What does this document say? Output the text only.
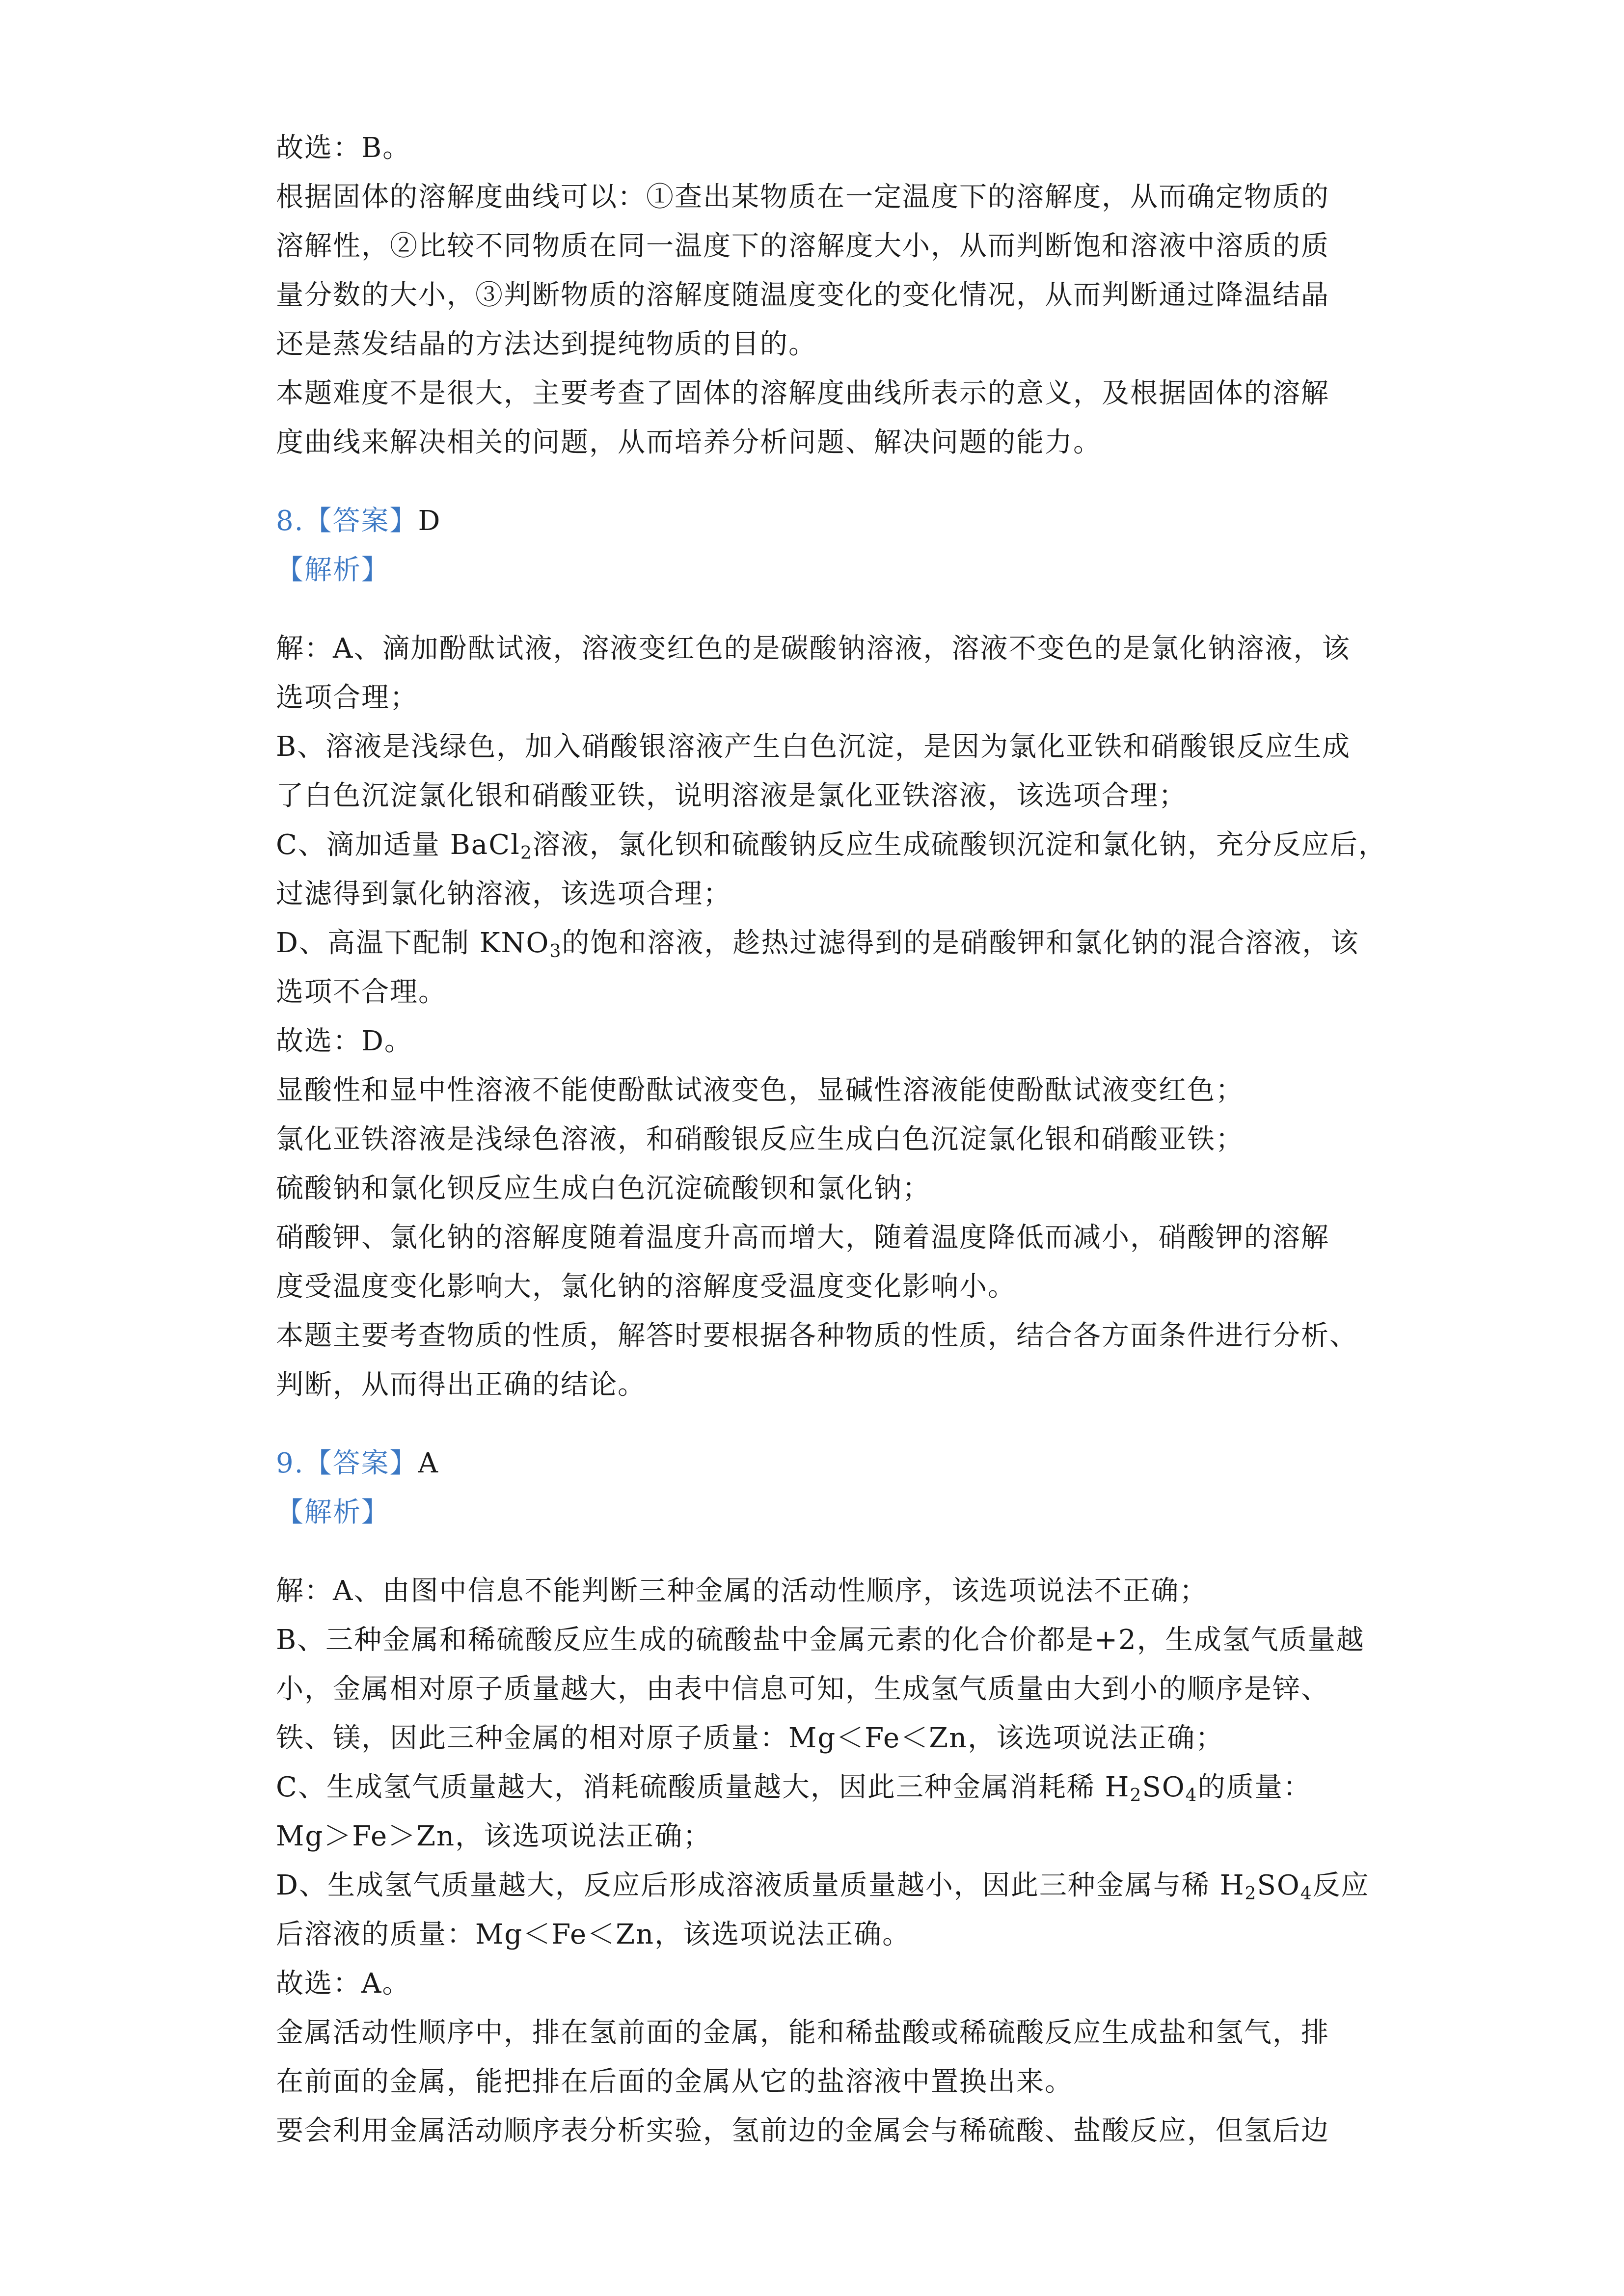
故选：B。
根据固体的溶解度曲线可以：①查出某物质在一定温度下的溶解度，从而确定物质的
溶解性，②比较不同物质在同一温度下的溶解度大小，从而判断饱和溶液中溶质的质
量分数的大小，③判断物质的溶解度随温度变化的变化情况，从而判断通过降温结晶
还是蒸发结晶的方法达到提纯物质的目的。
本题难度不是很大，主要考查了固体的溶解度曲线所表示的意义，及根据固体的溶解
度曲线来解决相关的问题，从而培养分析问题、解决问题的能力。
8.【答案】D
【解析】
解：A、滴加酚酞试液，溶液变红色的是碳酸钠溶液，溶液不变色的是氯化钠溶液，该
选项合理；
B、溶液是浅绿色，加入硝酸银溶液产生白色沉淀，是因为氯化亚铁和硝酸银反应生成
了白色沉淀氯化银和硝酸亚铁，说明溶液是氯化亚铁溶液，该选项合理；
C、滴加适量 BaCl$_2$溶液，氯化钡和硫酸钠反应生成硫酸钡沉淀和氯化钠，充分反应后，
过滤得到氯化钠溶液，该选项合理；
D、高温下配制 $KNO_3$的饱和溶液，趁热过滤得到的是硝酸钾和氯化钠的混合溶液，该
选项不合理。
故选：D。
显酸性和显中性溶液不能使酚酞试液变色，显碱性溶液能使酚酞试液变红色；
氯化亚铁溶液是浅绿色溶液，和硝酸银反应生成白色沉淀氯化银和硝酸亚铁；
硫酸钠和氯化钡反应生成白色沉淀硫酸钡和氯化钠；
硝酸钾、氯化钠的溶解度随着温度升高而增大，随着温度降低而减小，硝酸钾的溶解
度受温度变化影响大，氯化钠的溶解度受温度变化影响小。
本题主要考查物质的性质，解答时要根据各种物质的性质，结合各方面条件进行分析、
判断，从而得出正确的结论。
9.【答案】A
【解析】
解：A、由图中信息不能判断三种金属的活动性顺序，该选项说法不正确；
B、三种金属和稀硫酸反应生成的硫酸盐中金属元素的化合价都是+2，生成氢气质量越
小，金属相对原子质量越大，由表中信息可知，生成氢气质量由大到小的顺序是锌、
铁、镁，因此三种金属的相对原子质量：Mg＜Fe＜Zn，该选项说法正确；
C、生成氢气质量越大，消耗硫酸质量越大，因此三种金属消耗稀 $H_2SO_4$的质量：
Mg＞Fe＞Zn，该选项说法正确；
D、生成氢气质量越大，反应后形成溶液质量质量越小，因此三种金属与稀 $H_2SO_4$反应
后溶液的质量：Mg＜Fe＜Zn，该选项说法正确。
故选：A。
金属活动性顺序中，排在氢前面的金属，能和稀盐酸或稀硫酸反应生成盐和氢气，排
在前面的金属，能把排在后面的金属从它的盐溶液中置换出来。
要会利用金属活动顺序表分析实验，氢前边的金属会与稀硫酸、盐酸反应，但氢后边
